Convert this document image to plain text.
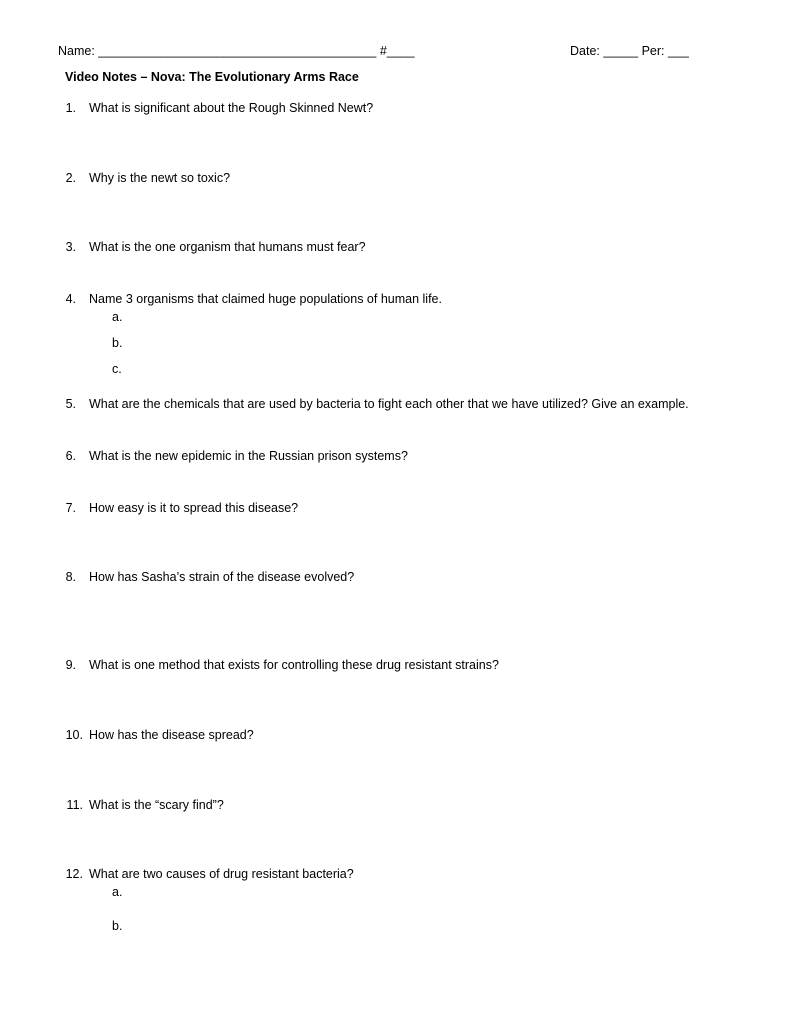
Name: ________________________________________ #____	Date: _____ Per: ___
Video Notes – Nova: The Evolutionary Arms Race
1. What is significant about the Rough Skinned Newt?
2. Why is the newt so toxic?
3. What is the one organism that humans must fear?
4. Name 3 organisms that claimed huge populations of human life.
a.
b.
c.
5. What are the chemicals that are used by bacteria to fight each other that we have utilized? Give an example.
6. What is the new epidemic in the Russian prison systems?
7. How easy is it to spread this disease?
8. How has Sasha’s strain of the disease evolved?
9. What is one method that exists for controlling these drug resistant strains?
10. How has the disease spread?
11. What is the “scary find”?
12. What are two causes of drug resistant bacteria?
a.
b.
